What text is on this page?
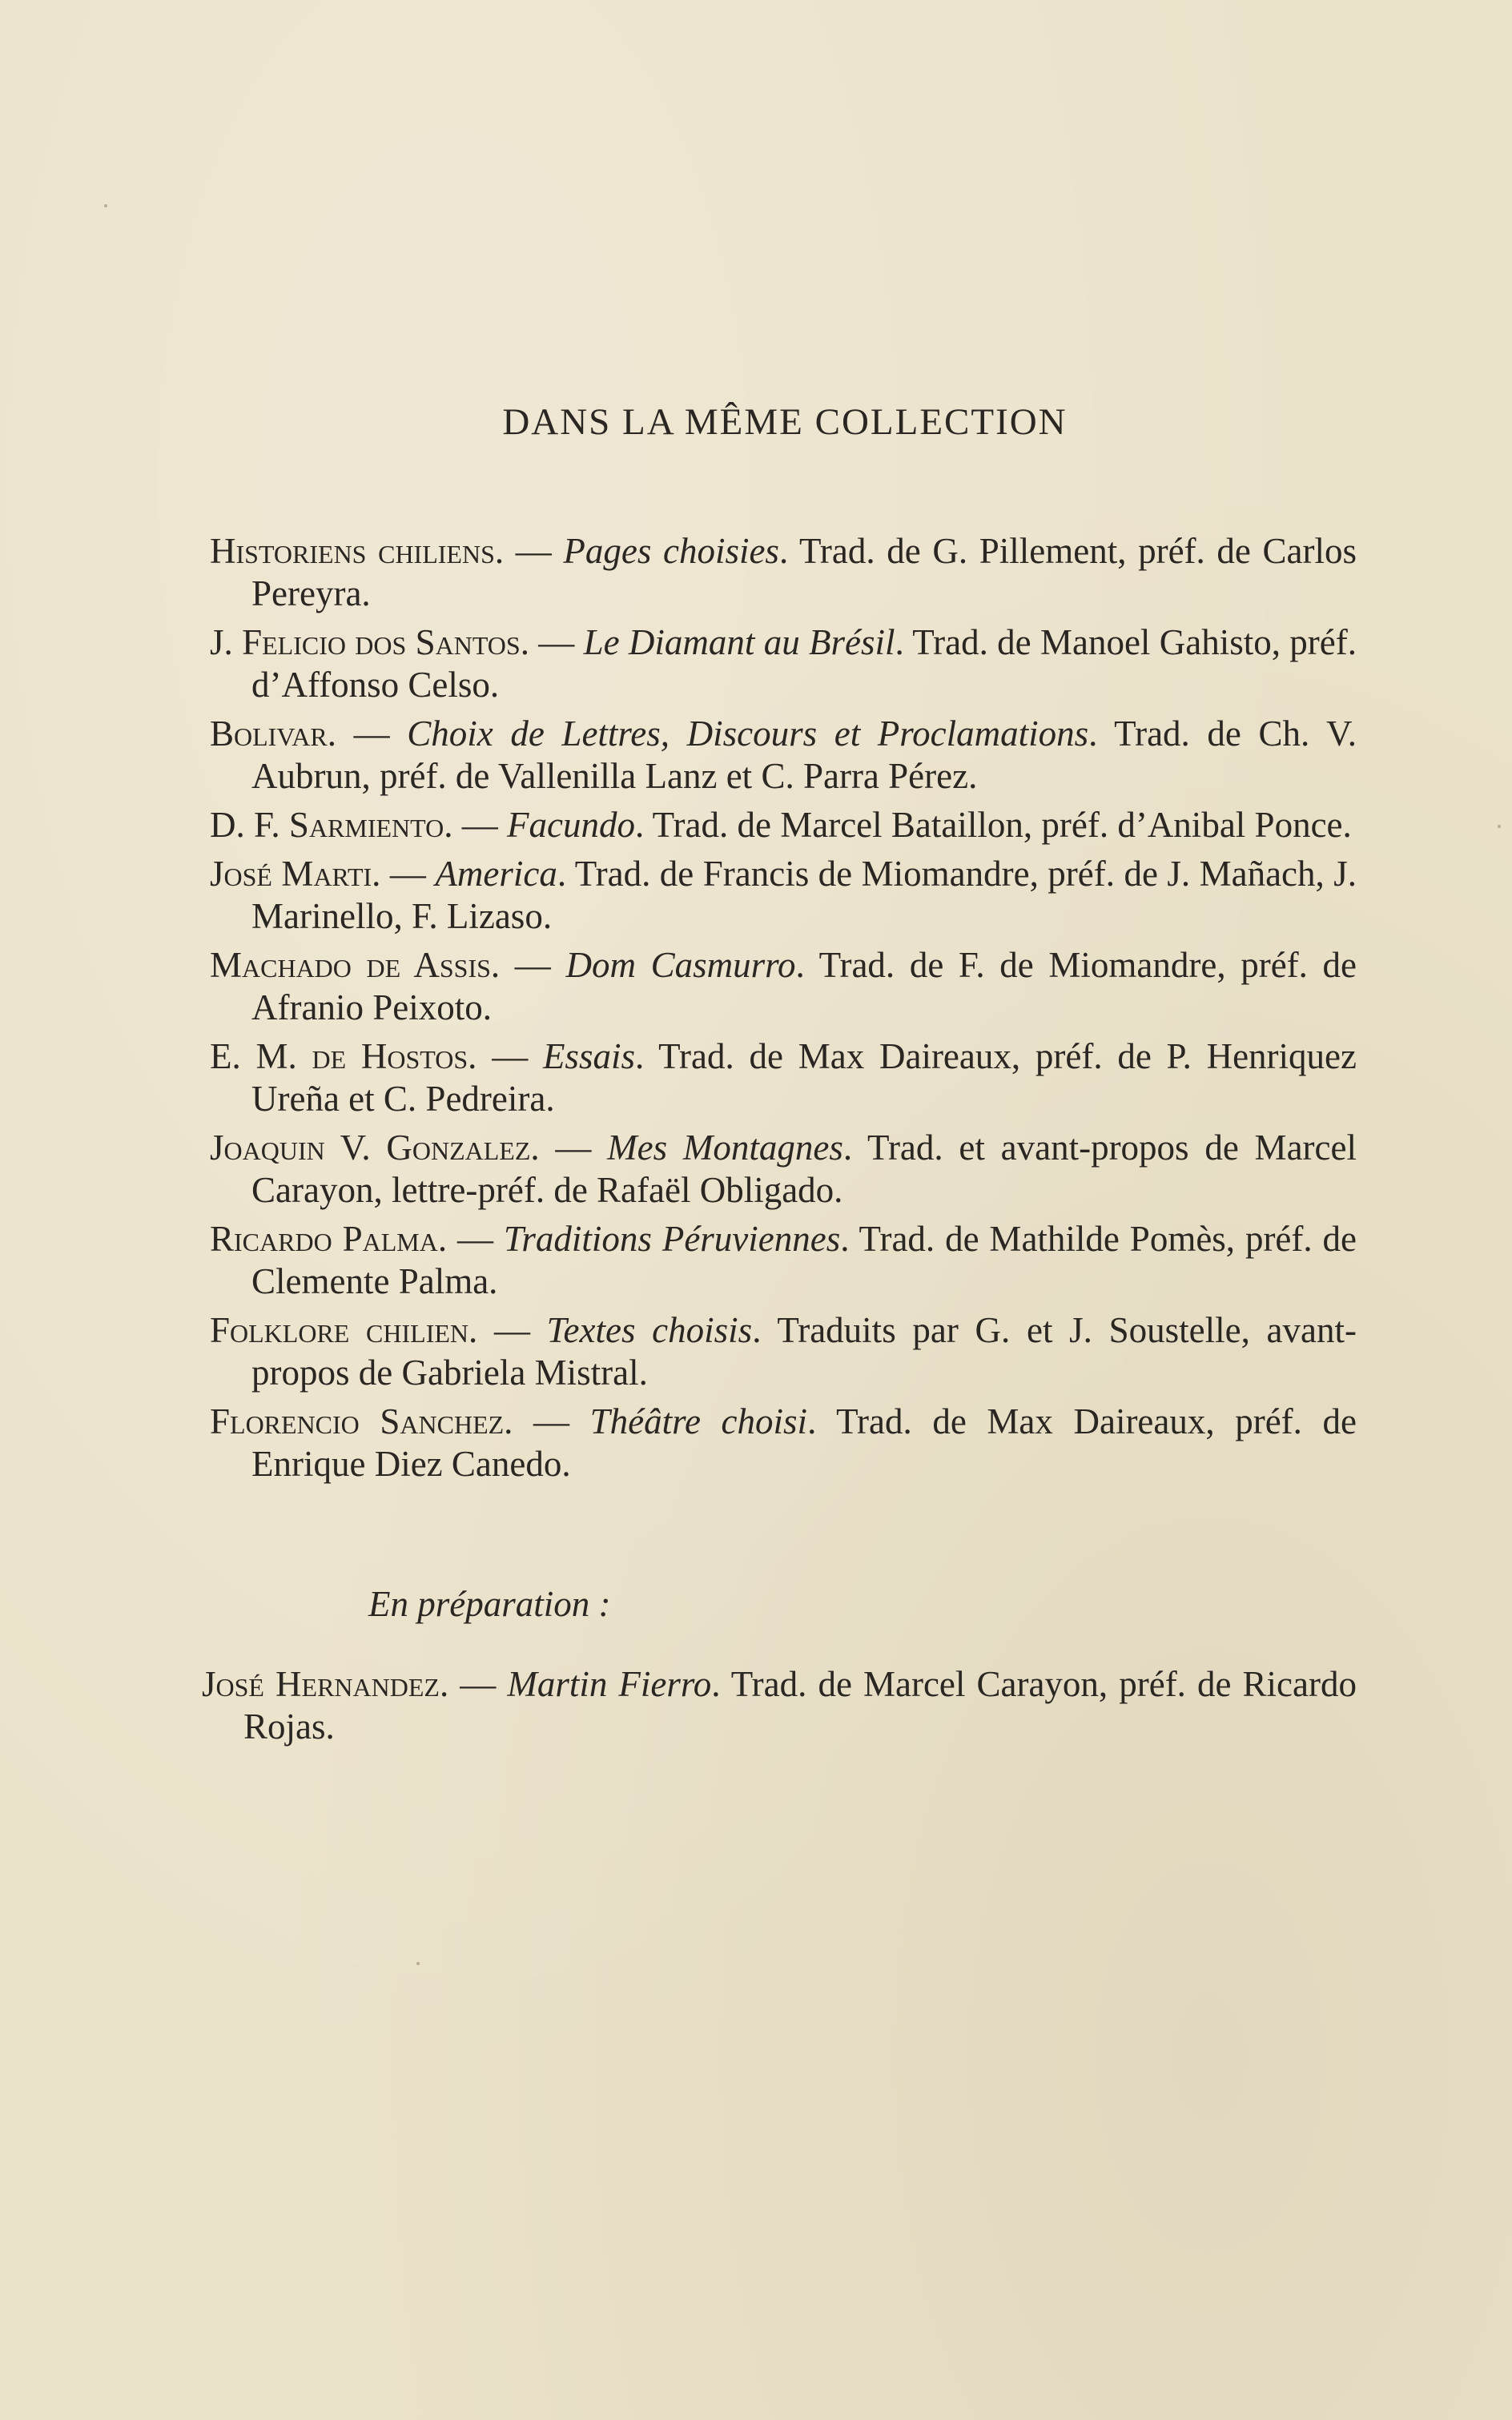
DANS LA MÊME COLLECTION
Historiens chiliens. — Pages choisies. Trad. de G. Pillement, préf. de Carlos Pereyra.
J. Felicio dos Santos. — Le Diamant au Brésil. Trad. de Manoel Gahisto, préf. d’Affonso Celso.
Bolivar. — Choix de Lettres, Discours et Proclamations. Trad. de Ch. V. Aubrun, préf. de Vallenilla Lanz et C. Parra Pérez.
D. F. Sarmiento. — Facundo. Trad. de Marcel Bataillon, préf. d’Anibal Ponce.
José Marti. — America. Trad. de Francis de Miomandre, préf. de J. Mañach, J. Marinello, F. Lizaso.
Machado de Assis. — Dom Casmurro. Trad. de F. de Miomandre, préf. de Afranio Peixoto.
E. M. de Hostos. — Essais. Trad. de Max Daireaux, préf. de P. Henriquez Ureña et C. Pedreira.
Joaquin V. Gonzalez. — Mes Montagnes. Trad. et avant-propos de Marcel Carayon, lettre-préf. de Rafaël Obligado.
Ricardo Palma. — Traditions Péruviennes. Trad. de Mathilde Pomès, préf. de Clemente Palma.
Folklore chilien. — Textes choisis. Traduits par G. et J. Soustelle, avant-propos de Gabriela Mistral.
Florencio Sanchez. — Théâtre choisi. Trad. de Max Daireaux, préf. de Enrique Diez Canedo.

En préparation :

José Hernandez. — Martin Fierro. Trad. de Marcel Carayon, préf. de Ricardo Rojas.
